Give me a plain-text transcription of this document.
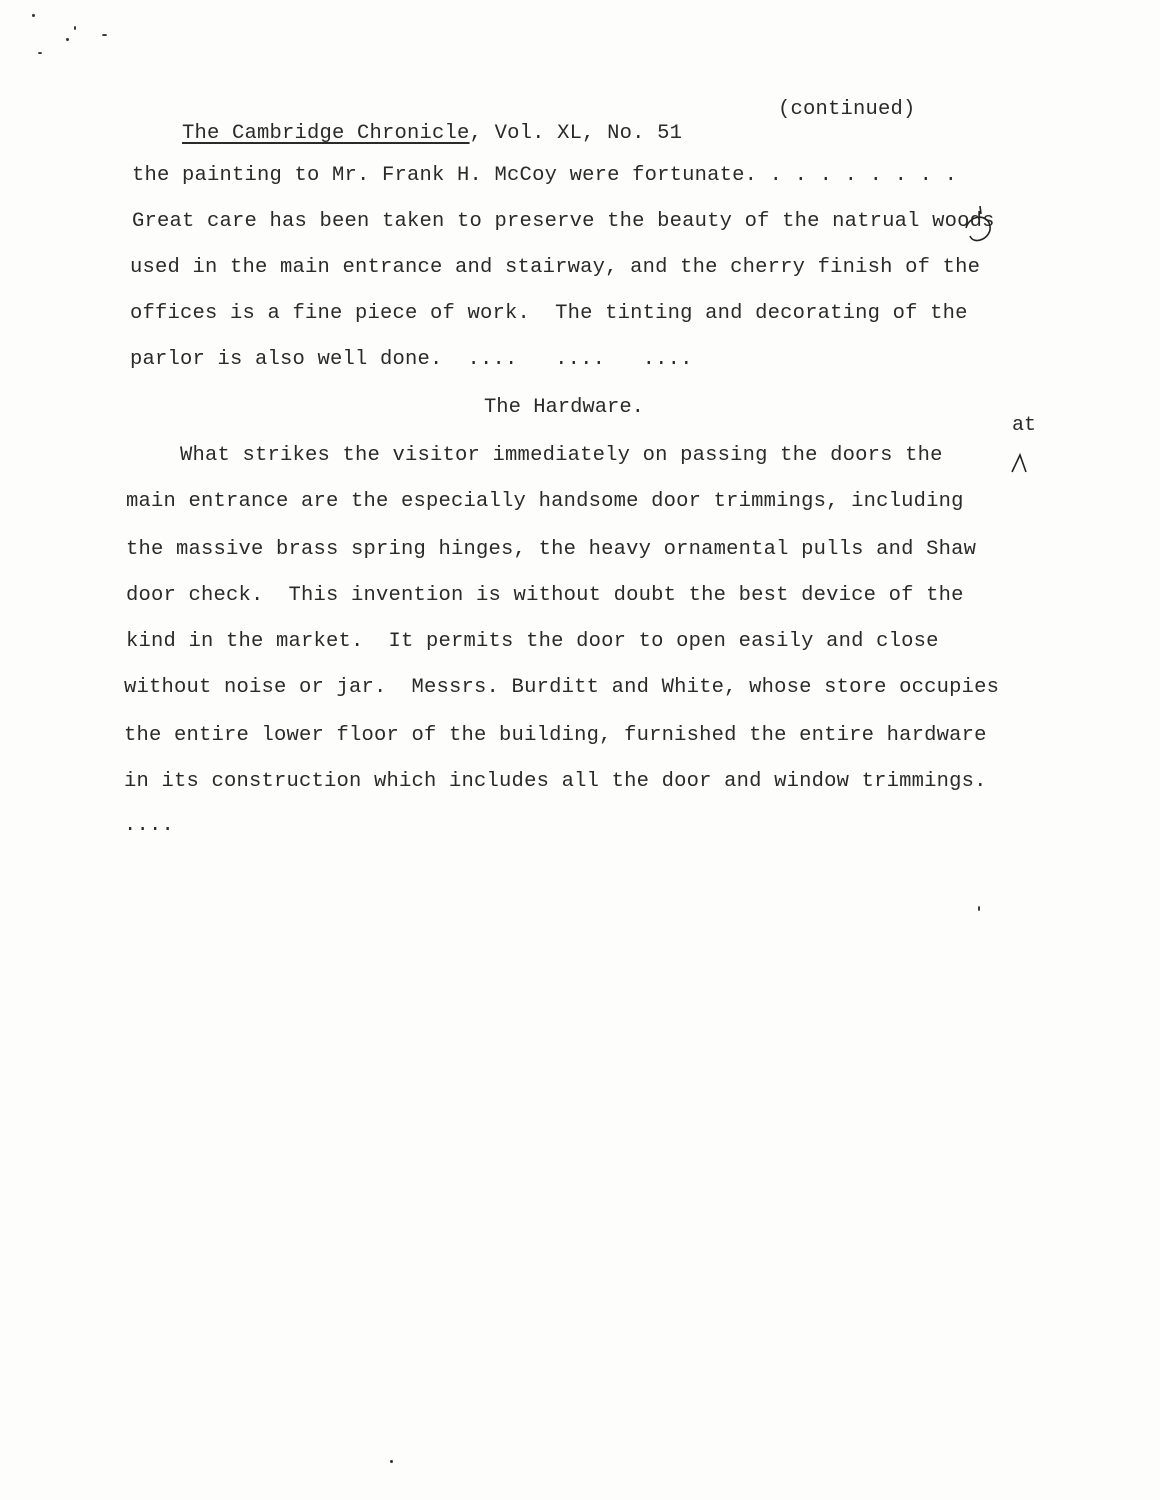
The Cambridge Chronicle, Vol. XL, No. 51

(continued)
the painting to Mr. Frank H. McCoy were fortunate. . . . . . . . .
Great care has been taken to preserve the beauty of the natrual woods
used in the main entrance and stairway, and the cherry finish of the
offices is a fine piece of work.  The tinting and decorating of the
parlor is also well done.  ....   ....   ....
The Hardware.
at
What strikes the visitor immediately on passing the doors the
main entrance are the especially handsome door trimmings, including
the massive brass spring hinges, the heavy ornamental pulls and Shaw
door check.  This invention is without doubt the best device of the
kind in the market.  It permits the door to open easily and close
without noise or jar.  Messrs. Burditt and White, whose store occupies
the entire lower floor of the building, furnished the entire hardware
in its construction which includes all the door and window trimmings.
....
